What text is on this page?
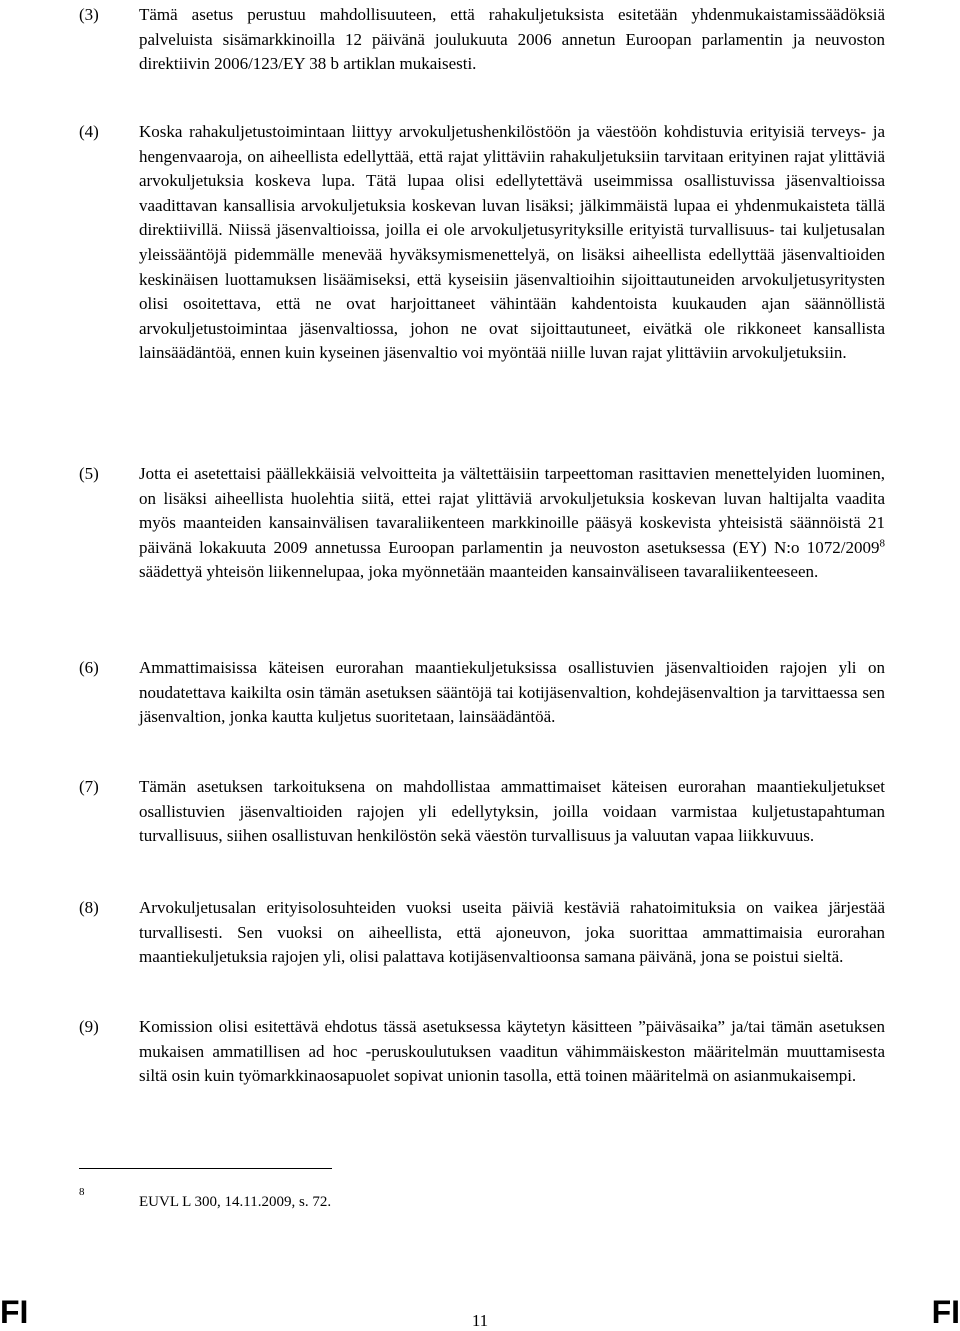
(3) Tämä asetus perustuu mahdollisuuteen, että rahakuljetuksista esitetään yhdenmukaistamissäädöksiä palveluista sisämarkkinoilla 12 päivänä joulukuuta 2006 annetun Euroopan parlamentin ja neuvoston direktiivin 2006/123/EY 38 b artiklan mukaisesti.
(4) Koska rahakuljetustoimintaan liittyy arvokuljetushenkilöstöön ja väestöön kohdistuvia erityisiä terveys- ja hengenvaaroja, on aiheellista edellyttää, että rajat ylittäviin rahakuljetuksiin tarvitaan erityinen rajat ylittäviä arvokuljetuksia koskeva lupa. Tätä lupaa olisi edellytettävä useimmissa osallistuvissa jäsenvaltioissa vaadittavan kansallisia arvokuljetuksia koskevan luvan lisäksi; jälkimmäistä lupaa ei yhdenmukaisteta tällä direktiivillä. Niissä jäsenvaltioissa, joilla ei ole arvokuljetusyrityksille erityistä turvallisuus- tai kuljetusalan yleissääntöjä pidemmälle menevää hyväksymismenettelyä, on lisäksi aiheellista edellyttää jäsenvaltioiden keskinäisen luottamuksen lisäämiseksi, että kyseisiin jäsenvaltioihin sijoittautuneiden arvokuljetusyritysten olisi osoitettava, että ne ovat harjoittaneet vähintään kahdentoista kuukauden ajan säännöllistä arvokuljetustoimintaa jäsenvaltiossa, johon ne ovat sijoittautuneet, eivätkä ole rikkoneet kansallista lainsäädäntöä, ennen kuin kyseinen jäsenvaltio voi myöntää niille luvan rajat ylittäviin arvokuljetuksiin.
(5) Jotta ei asetettaisi päällekkäisiä velvoitteita ja vältettäisiin tarpeettoman rasittavien menettelyiden luominen, on lisäksi aiheellista huolehtia siitä, ettei rajat ylittäviä arvokuljetuksia koskevan luvan haltijalta vaadita myös maanteiden kansainvälisen tavaraliikenteen markkinoille pääsyä koskevista yhteisistä säännöistä 21 päivänä lokakuuta 2009 annetussa Euroopan parlamentin ja neuvoston asetuksessa (EY) N:o 1072/2009$^8$ säädettyä yhteisön liikennelupaa, joka myönnetään maanteiden kansainväliseen tavaraliikenteeseen.
(6) Ammattimaisissa käteisen eurorahan maantiekuljetuksissa osallistuvien jäsenvaltioiden rajojen yli on noudatettava kaikilta osin tämän asetuksen sääntöjä tai kotijäsenvaltion, kohdejäsenvaltion ja tarvittaessa sen jäsenvaltion, jonka kautta kuljetus suoritetaan, lainsäädäntöä.
(7) Tämän asetuksen tarkoituksena on mahdollistaa ammattimaiset käteisen eurorahan maantiekuljetukset osallistuvien jäsenvaltioiden rajojen yli edellytyksin, joilla voidaan varmistaa kuljetustapahtuman turvallisuus, siihen osallistuvan henkilöstön sekä väestön turvallisuus ja valuutan vapaa liikkuvuus.
(8) Arvokuljetusalan erityisolosuhteiden vuoksi useita päiviä kestäviä rahatoimituksia on vaikea järjestää turvallisesti. Sen vuoksi on aiheellista, että ajoneuvon, joka suorittaa ammattimaisia eurorahan maantiekuljetuksia rajojen yli, olisi palattava kotijäsenvaltioonsa samana päivänä, jona se poistui sieltä.
(9) Komission olisi esitettävä ehdotus tässä asetuksessa käytetyn käsitteen ”päiväsaika” ja/tai tämän asetuksen mukaisen ammatillisen ad hoc -peruskoulutuksen vaaditun vähimmäiskeston määritelmän muuttamisesta siltä osin kuin työmarkkinaosapuolet sopivat unionin tasolla, että toinen määritelmä on asianmukaisempi.
8
EUVL L 300, 14.11.2009, s. 72.
FI	11	FI
